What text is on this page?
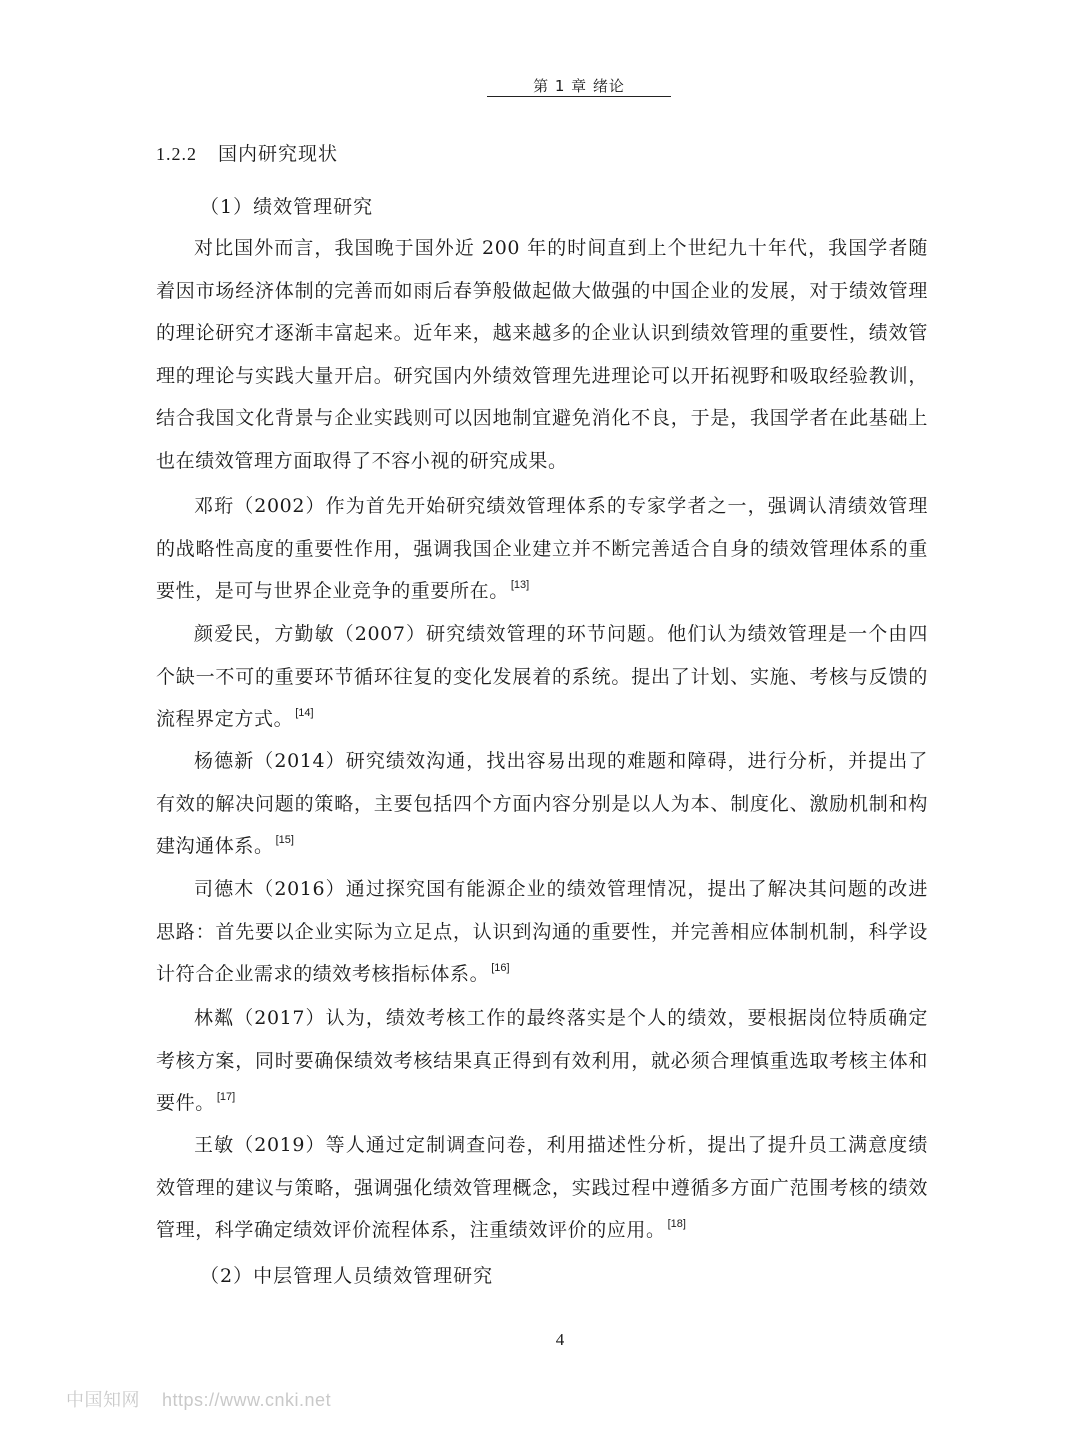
第 1 章 绪论
1.2.2 国内研究现状
（1）绩效管理研究
对比国外而言，我国晚于国外近 200 年的时间直到上个世纪九十年代，我国学者随着因市场经济体制的完善而如雨后春笋般做起做大做强的中国企业的发展，对于绩效管理的理论研究才逐渐丰富起来。近年来，越来越多的企业认识到绩效管理的重要性，绩效管理的理论与实践大量开启。研究国内外绩效管理先进理论可以开拓视野和吸取经验教训，结合我国文化背景与企业实践则可以因地制宜避免消化不良，于是，我国学者在此基础上也在绩效管理方面取得了不容小视的研究成果。
邓珩（2002）作为首先开始研究绩效管理体系的专家学者之一，强调认清绩效管理的战略性高度的重要性作用，强调我国企业建立并不断完善适合自身的绩效管理体系的重要性，是可与世界企业竞争的重要所在。 [13]
颜爱民，方勤敏（2007）研究绩效管理的环节问题。他们认为绩效管理是一个由四个缺一不可的重要环节循环往复的变化发展着的系统。提出了计划、实施、考核与反馈的流程界定方式。 [14]
杨德新（2014）研究绩效沟通，找出容易出现的难题和障碍，进行分析，并提出了有效的解决问题的策略，主要包括四个方面内容分别是以人为本、制度化、激励机制和构建沟通体系。 [15]
司德木（2016）通过探究国有能源企业的绩效管理情况，提出了解决其问题的改进思路：首先要以企业实际为立足点，认识到沟通的重要性，并完善相应体制机制，科学设计符合企业需求的绩效考核指标体系。 [16]
林粼（2017）认为，绩效考核工作的最终落实是个人的绩效，要根据岗位特质确定考核方案，同时要确保绩效考核结果真正得到有效利用，就必须合理慎重选取考核主体和要件。 [17]
王敏（2019）等人通过定制调查问卷，利用描述性分析，提出了提升员工满意度绩效管理的建议与策略，强调强化绩效管理概念，实践过程中遵循多方面广范围考核的绩效管理，科学确定绩效评价流程体系，注重绩效评价的应用。 [18]
（2）中层管理人员绩效管理研究
4
中国知网 https://www.cnki.net
